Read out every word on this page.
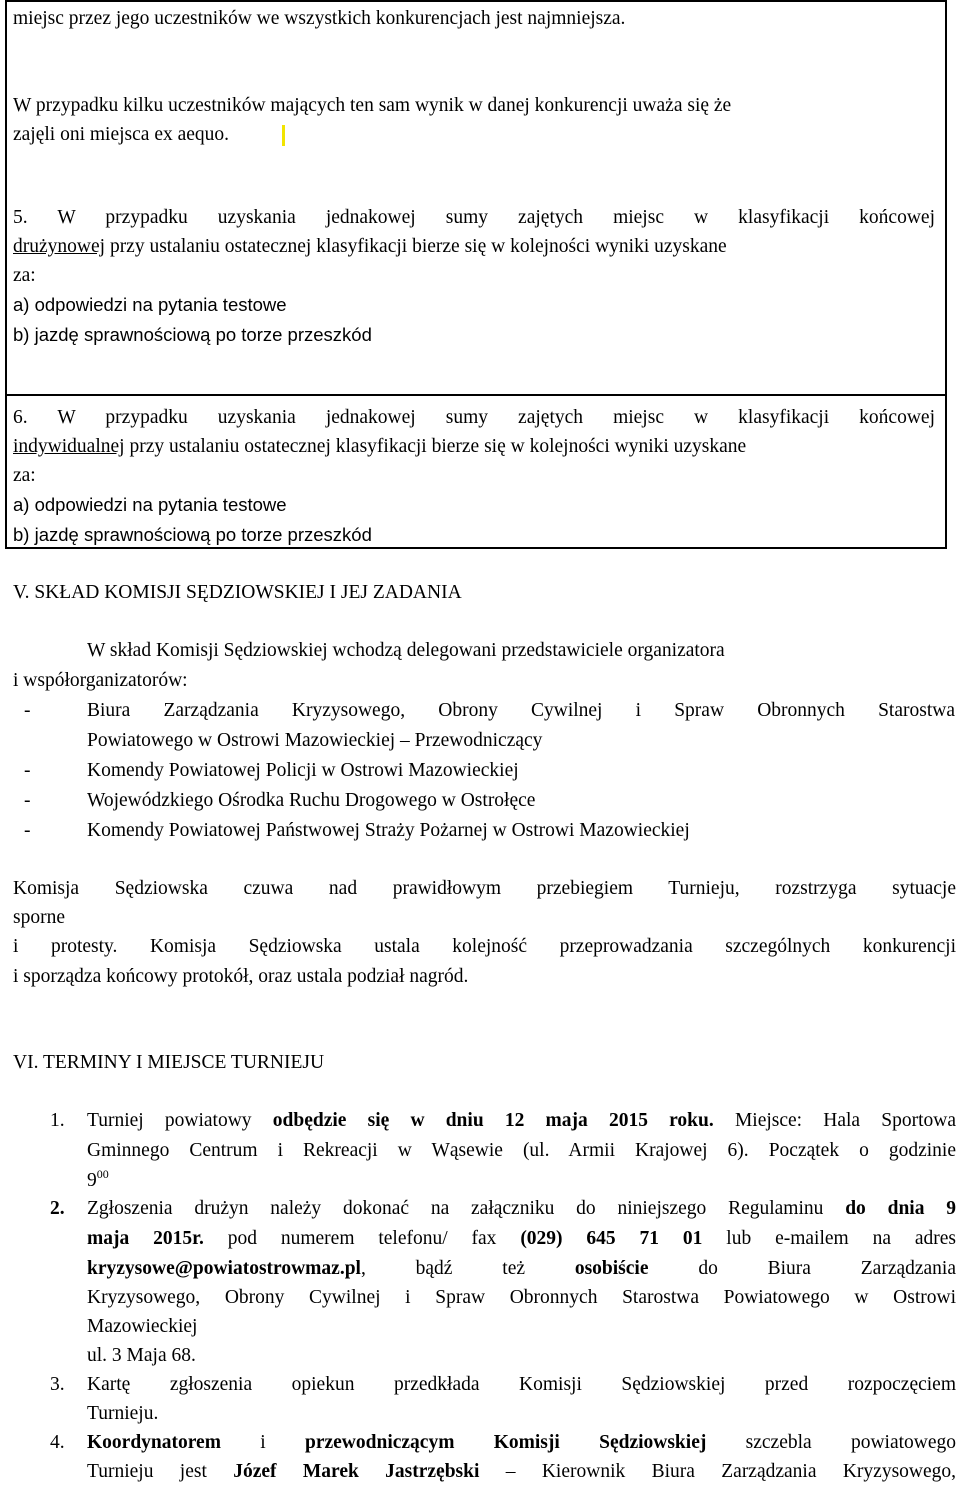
miejsc przez jego uczestników we wszystkich konkurencjach jest najmniejsza.
W przypadku kilku uczestników mających ten sam wynik w danej konkurencji uważa się że
zajęli oni miejsca ex aequo.
5. W przypadku uzyskania jednakowej sumy zajętych miejsc w klasyfikacji końcowej
drużynowej przy ustalaniu ostatecznej klasyfikacji bierze się w kolejności wyniki uzyskane
za:
a) odpowiedzi na pytania testowe
b) jazdę sprawnościową po torze przeszkód
6. W przypadku uzyskania jednakowej sumy zajętych miejsc w klasyfikacji końcowej
indywidualnej przy ustalaniu ostatecznej klasyfikacji bierze się w kolejności wyniki uzyskane
za:
a) odpowiedzi na pytania testowe
b) jazdę sprawnościową po torze przeszkód
V. SKŁAD KOMISJI SĘDZIOWSKIEJ I JEJ ZADANIA
W skład Komisji Sędziowskiej wchodzą delegowani przedstawiciele organizatora
i współorganizatorów:
-	Biura Zarządzania Kryzysowego, Obrony Cywilnej i Spraw Obronnych Starostwa
Powiatowego w Ostrowi Mazowieckiej – Przewodniczący
-	Komendy Powiatowej Policji w Ostrowi Mazowieckiej
-	Wojewódzkiego Ośrodka Ruchu Drogowego w Ostrołęce
-	Komendy Powiatowej Państwowej Straży Pożarnej w Ostrowi Mazowieckiej
Komisja Sędziowska czuwa nad prawidłowym przebiegiem Turnieju, rozstrzyga sytuacje
sporne
i protesty. Komisja Sędziowska ustala kolejność przeprowadzania szczególnych konkurencji
i sporządza końcowy protokół, oraz ustala podział nagród.
VI. TERMINY I MIEJSCE TURNIEJU
1. Turniej powiatowy odbędzie się w dniu 12 maja 2015 roku. Miejsce: Hala Sportowa
Gminnego Centrum i Rekreacji w Wąsewie (ul. Armii Krajowej 6). Początek o godzinie
$9^{00}$
2. Zgłoszenia drużyn należy dokonać na załączniku do niniejszego Regulaminu do dnia 9
maja 2015r. pod numerem telefonu/ fax (029) 645 71 01 lub e-mailem na adres
kryzysowe@powiatostrowmaz.pl, bądź też	osobiście	do Biura Zarządzania
Kryzysowego, Obrony Cywilnej i Spraw Obronnych Starostwa Powiatowego w Ostrowi
Mazowieckiej
ul. 3 Maja 68.
3. Kartę zgłoszenia opiekun przedkłada Komisji Sędziowskiej przed rozpoczęciem
Turnieju.
4. Koordynatorem i przewodniczącym Komisji Sędziowskiej szczebla powiatowego
Turnieju jest Józef Marek Jastrzębski – Kierownik Biura Zarządzania Kryzysowego,
